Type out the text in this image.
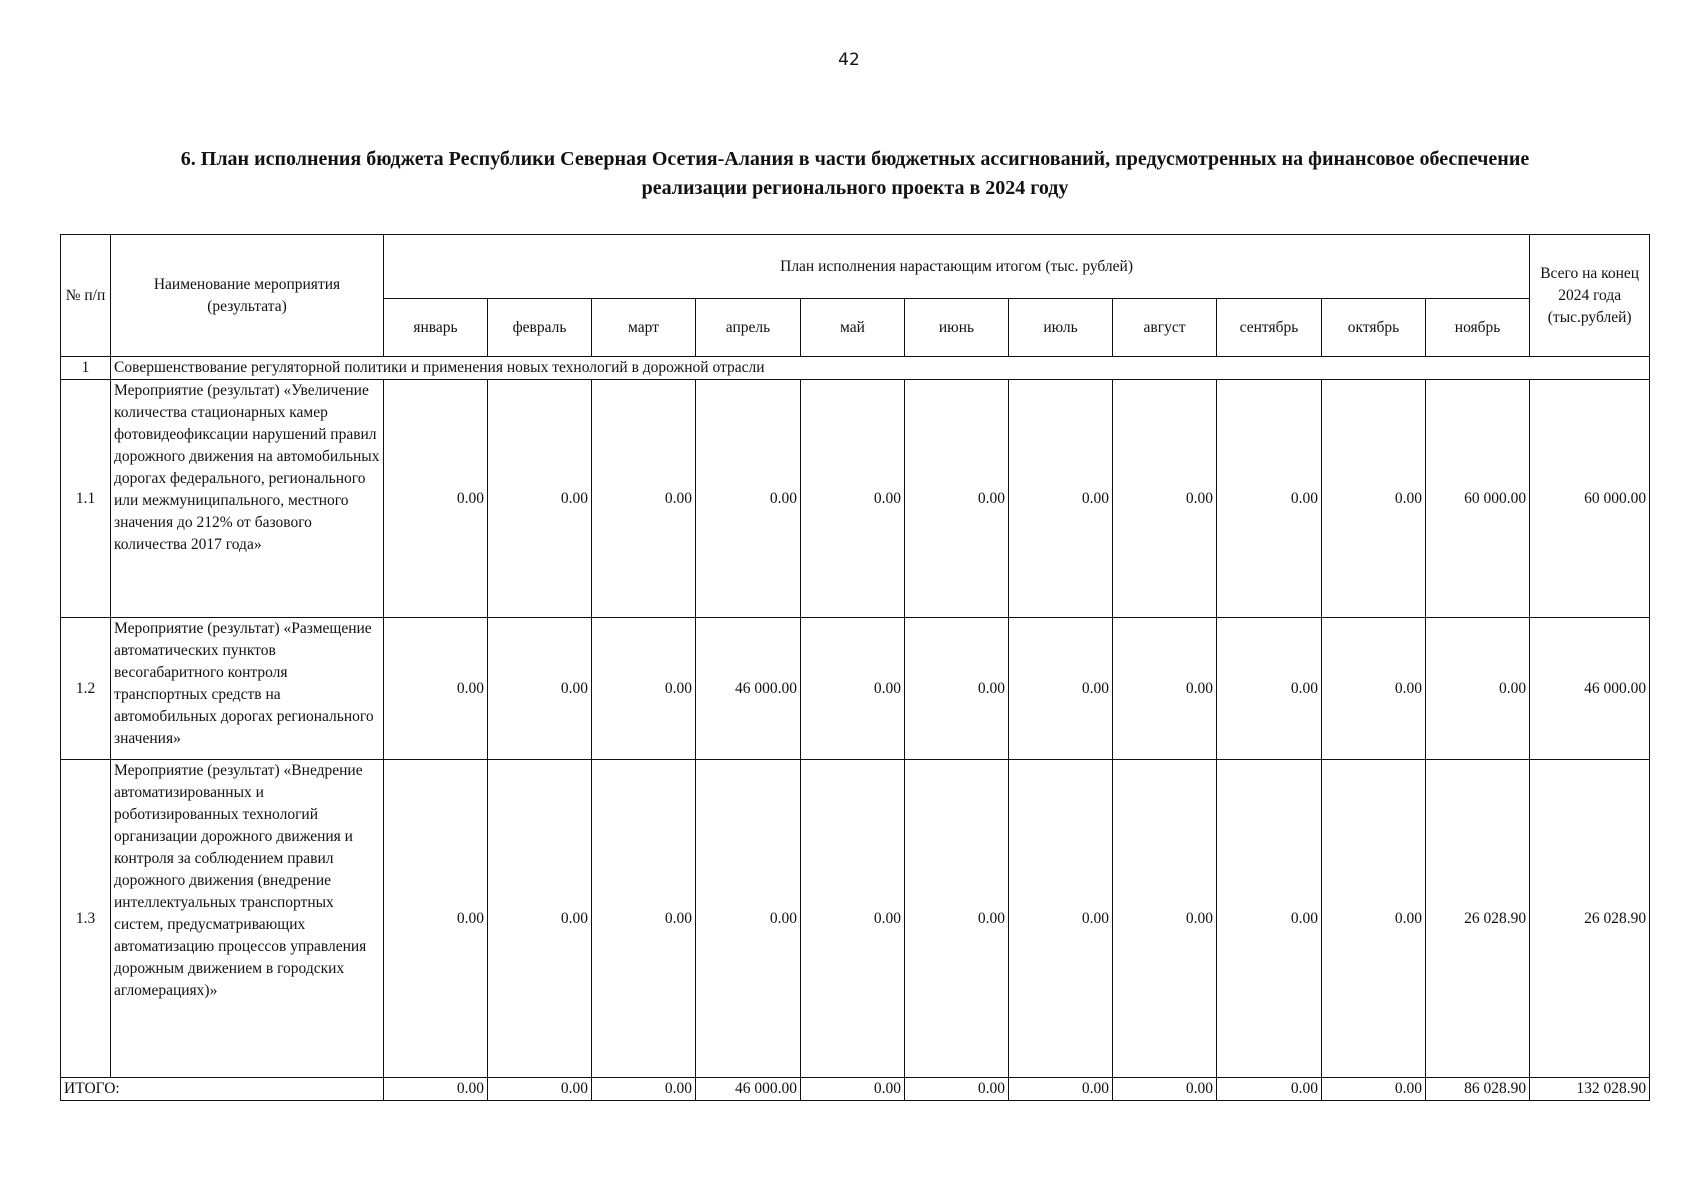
42
6. План исполнения бюджета Республики Северная Осетия-Алания в части бюджетных ассигнований, предусмотренных на финансовое обеспечение
реализации регионального проекта в 2024 году
№ п/п	Наименование мероприятия (результата)	План исполнения нарастающим итогом (тыс. рублей)											Всего на конец 2024 года (тыс.рублей)
		январь	февраль	март	апрель	май	июнь	июль	август	сентябрь	октябрь	ноябрь	
1	Совершенствование регуляторной политики и применения новых технологий в дорожной отрасли												
1.1	Мероприятие (результат) «Увеличение количества стационарных камер фотовидеофиксации нарушений правил дорожного движения на автомобильных дорогах федерального, регионального или межмуниципального, местного значения до 212% от базового количества 2017 года»	0.00	0.00	0.00	0.00	0.00	0.00	0.00	0.00	0.00	0.00	60 000.00	60 000.00
1.2	Мероприятие (результат) «Размещение автоматических пунктов весогабаритного контроля транспортных средств на автомобильных дорогах регионального значения»	0.00	0.00	0.00	46 000.00	0.00	0.00	0.00	0.00	0.00	0.00	0.00	46 000.00
1.3	Мероприятие (результат) «Внедрение автоматизированных и роботизированных технологий организации дорожного движения и контроля за соблюдением правил дорожного движения (внедрение интеллектуальных транспортных систем, предусматривающих автоматизацию процессов управления дорожным движением в городских агломерациях)»	0.00	0.00	0.00	0.00	0.00	0.00	0.00	0.00	0.00	0.00	26 028.90	26 028.90
ИТОГО:		0.00	0.00	0.00	46 000.00	0.00	0.00	0.00	0.00	0.00	0.00	86 028.90	132 028.90
